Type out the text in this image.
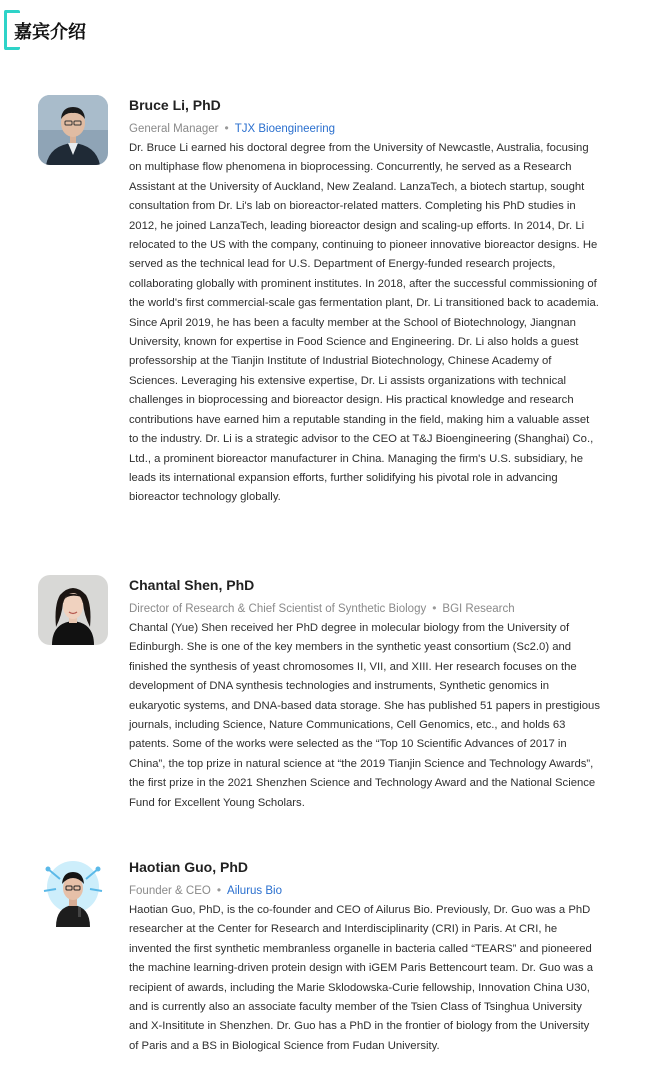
嘉宾介绍
Bruce Li, PhD
General Manager • TJX Bioengineering
Dr. Bruce Li earned his doctoral degree from the University of Newcastle, Australia, focusing on multiphase flow phenomena in bioprocessing. Concurrently, he served as a Research Assistant at the University of Auckland, New Zealand. LanzaTech, a biotech startup, sought consultation from Dr. Li's lab on bioreactor-related matters. Completing his PhD studies in 2012, he joined LanzaTech, leading bioreactor design and scaling-up efforts. In 2014, Dr. Li relocated to the US with the company, continuing to pioneer innovative bioreactor designs. He served as the technical lead for U.S. Department of Energy-funded research projects, collaborating globally with prominent institutes. In 2018, after the successful commissioning of the world's first commercial-scale gas fermentation plant, Dr. Li transitioned back to academia. Since April 2019, he has been a faculty member at the School of Biotechnology, Jiangnan University, known for expertise in Food Science and Engineering. Dr. Li also holds a guest professorship at the Tianjin Institute of Industrial Biotechnology, Chinese Academy of Sciences. Leveraging his extensive expertise, Dr. Li assists organizations with technical challenges in bioprocessing and bioreactor design. His practical knowledge and research contributions have earned him a reputable standing in the field, making him a valuable asset to the industry. Dr. Li is a strategic advisor to the CEO at T&J Bioengineering (Shanghai) Co., Ltd., a prominent bioreactor manufacturer in China. Managing the firm's U.S. subsidiary, he leads its international expansion efforts, further solidifying his pivotal role in advancing bioreactor technology globally.
Chantal Shen, PhD
Director of Research & Chief Scientist of Synthetic Biology • BGI Research
Chantal (Yue) Shen received her PhD degree in molecular biology from the University of Edinburgh. She is one of the key members in the synthetic yeast consortium (Sc2.0) and finished the synthesis of yeast chromosomes II, VII, and XIII. Her research focuses on the development of DNA synthesis technologies and instruments, Synthetic genomics in eukaryotic systems, and DNA-based data storage. She has published 51 papers in prestigious journals, including Science, Nature Communications, Cell Genomics, etc., and holds 63 patents. Some of the works were selected as the “Top 10 Scientific Advances of 2017 in China”, the top prize in natural science at “the 2019 Tianjin Science and Technology Awards”, the first prize in the 2021 Shenzhen Science and Technology Award and the National Science Fund for Excellent Young Scholars.
Haotian Guo, PhD
Founder & CEO • Ailurus Bio
Haotian Guo, PhD, is the co-founder and CEO of Ailurus Bio. Previously, Dr. Guo was a PhD researcher at the Center for Research and Interdisciplinarity (CRI) in Paris. At CRI, he invented the first synthetic membranless organelle in bacteria called “TEARS” and pioneered the machine learning-driven protein design with iGEM Paris Bettencourt team. Dr. Guo was a recipient of awards, including the Marie Sklodowska-Curie fellowship, Innovation China U30, and is currently also an associate faculty member of the Tsien Class of Tsinghua University and X-Insititute in Shenzhen. Dr. Guo has a PhD in the frontier of biology from the University of Paris and a BS in Biological Science from Fudan University.
